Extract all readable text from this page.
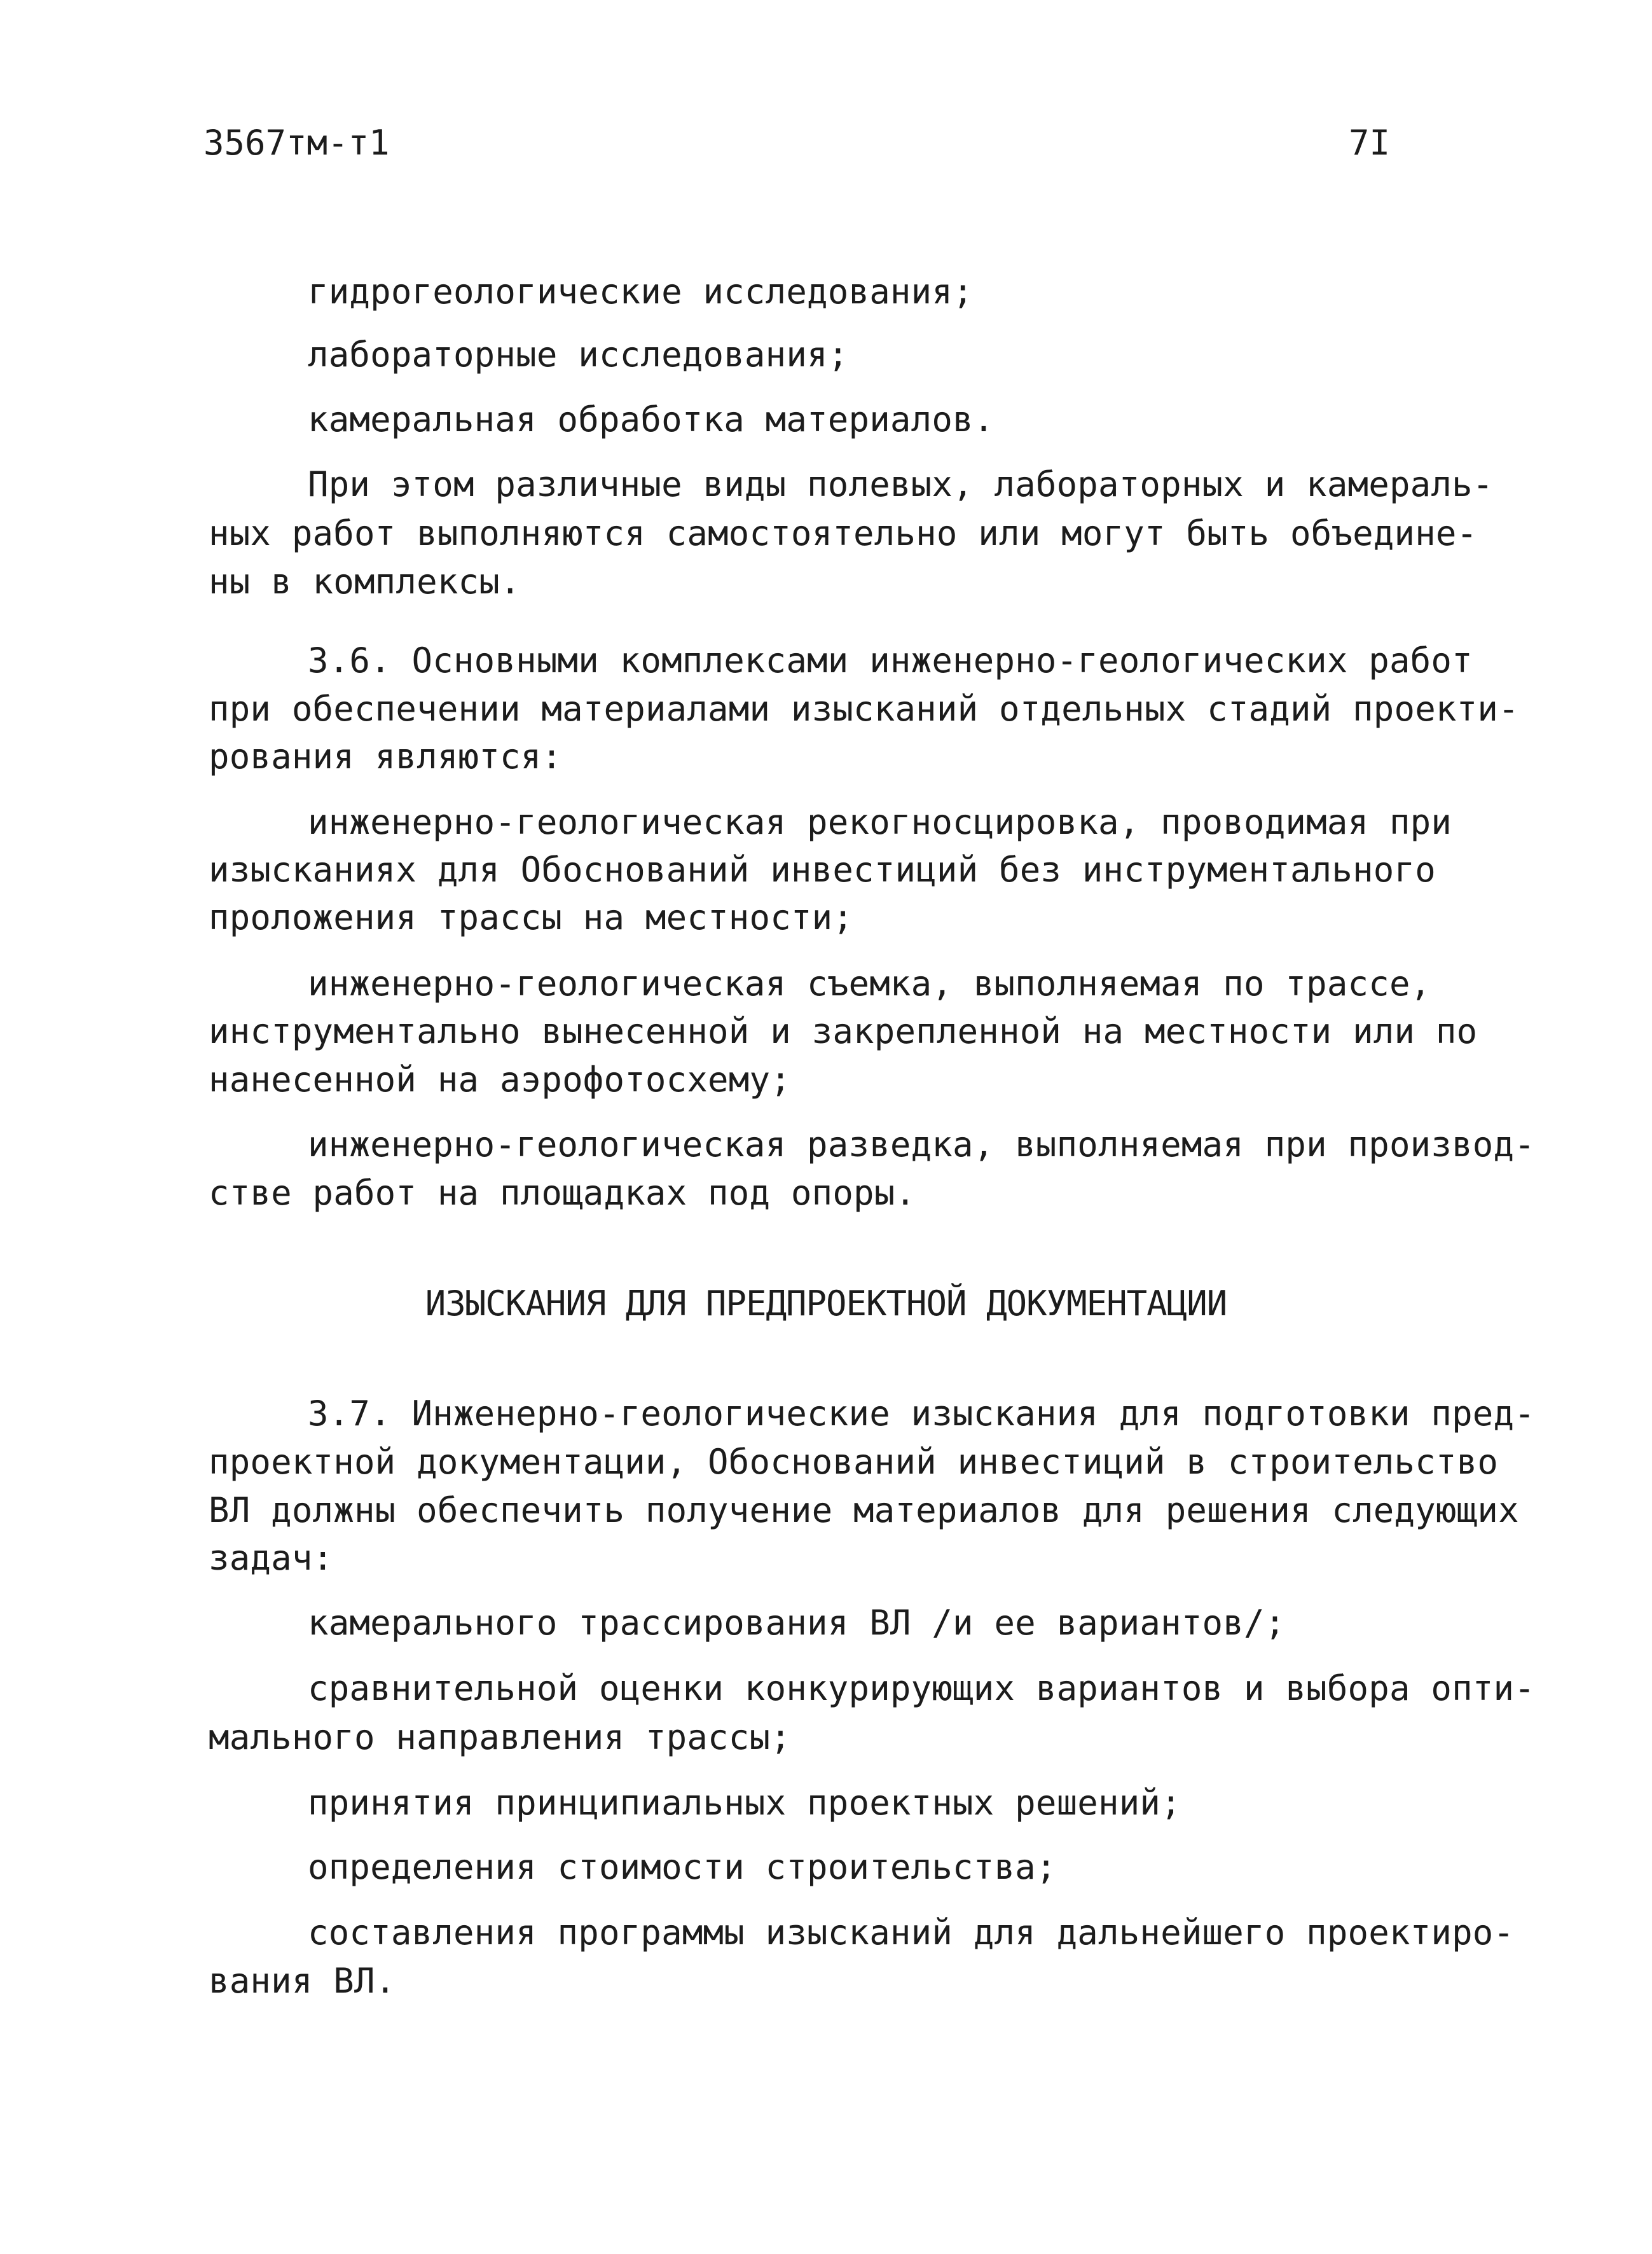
3567тм-т1	7I
гидрогеологические исследования;
лабораторные исследования;
камеральная обработка материалов.
При этом различные виды полевых, лабораторных и камераль-
ных работ выполняются самостоятельно или могут быть объедине-
ны в комплексы.
3.6. Основными комплексами инженерно-геологических работ
при обеспечении материалами изысканий отдельных стадий проекти-
рования являются:
инженерно-геологическая рекогносцировка, проводимая при
изысканиях для Обоснований инвестиций без инструментального
проложения трассы на местности;
инженерно-геологическая съемка, выполняемая по трассе,
инструментально вынесенной и закрепленной на местности или по
нанесенной на аэрофотосхему;
инженерно-геологическая разведка, выполняемая при производ-
стве работ на площадках под опоры.
ИЗЫСКАНИЯ ДЛЯ ПРЕДПРОЕКТНОЙ ДОКУМЕНТАЦИИ
3.7. Инженерно-геологические изыскания для подготовки пред-
проектной документации, Обоснований инвестиций в строительство
ВЛ должны обеспечить получение материалов для решения следующих
задач:
камерального трассирования ВЛ /и ее вариантов/;
сравнительной оценки конкурирующих вариантов и выбора опти-
мального направления трассы;
принятия принципиальных проектных решений;
определения стоимости строительства;
составления программы изысканий для дальнейшего проектиро-
вания ВЛ.
